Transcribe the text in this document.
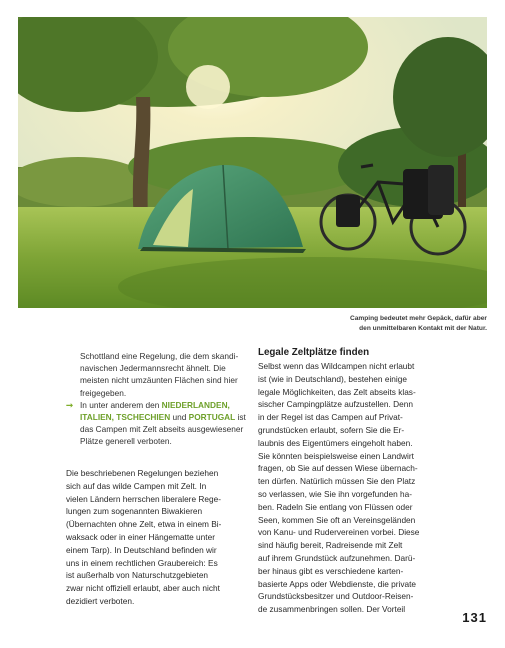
Camping bedeutet mehr Gepäck, dafür aber
den unmittelbaren Kontakt mit der Natur.
Schottland eine Regelung, die dem skandi-
navischen Jedermannsrecht ähnelt. Die
meisten nicht umzäunten Flächen sind hier
freigegeben.
➞ In unter anderem den NIEDERLANDEN,
ITALIEN, TSCHECHIEN und PORTUGAL ist
das Campen mit Zelt abseits ausgewiesener
Plätze generell verboten.
Die beschriebenen Regelungen beziehen
sich auf das wilde Campen mit Zelt. In
vielen Ländern herrschen liberalere Rege-
lungen zum sogenannten Biwakieren
(Übernachten ohne Zelt, etwa in einem Bi-
waksack oder in einer Hängematte unter
einem Tarp). In Deutschland befinden wir
uns in einem rechtlichen Graubereich: Es
ist außerhalb von Naturschutzgebieten
zwar nicht offiziell erlaubt, aber auch nicht
dezidiert verboten.
Legale Zeltplätze finden
Selbst wenn das Wildcampen nicht erlaubt
ist (wie in Deutschland), bestehen einige
legale Möglichkeiten, das Zelt abseits klas-
sischer Campingplätze aufzustellen. Denn
in der Regel ist das Campen auf Privat-
grundstücken erlaubt, sofern Sie die Er-
laubnis des Eigentümers eingeholt haben.
Sie könnten beispielsweise einen Landwirt
fragen, ob Sie auf dessen Wiese übernach-
ten dürfen. Natürlich müssen Sie den Platz
so verlassen, wie Sie ihn vorgefunden ha-
ben. Radeln Sie entlang von Flüssen oder
Seen, kommen Sie oft an Vereinsgeländen
von Kanu- und Rudervereinen vorbei. Diese
sind häufig bereit, Radreisende mit Zelt
auf ihrem Grundstück aufzunehmen. Darü-
ber hinaus gibt es verschiedene karten-
basierte Apps oder Webdienste, die private
Grundstücksbesitzer und Outdoor-Reisen-
de zusammenbringen sollen. Der Vorteil
131
